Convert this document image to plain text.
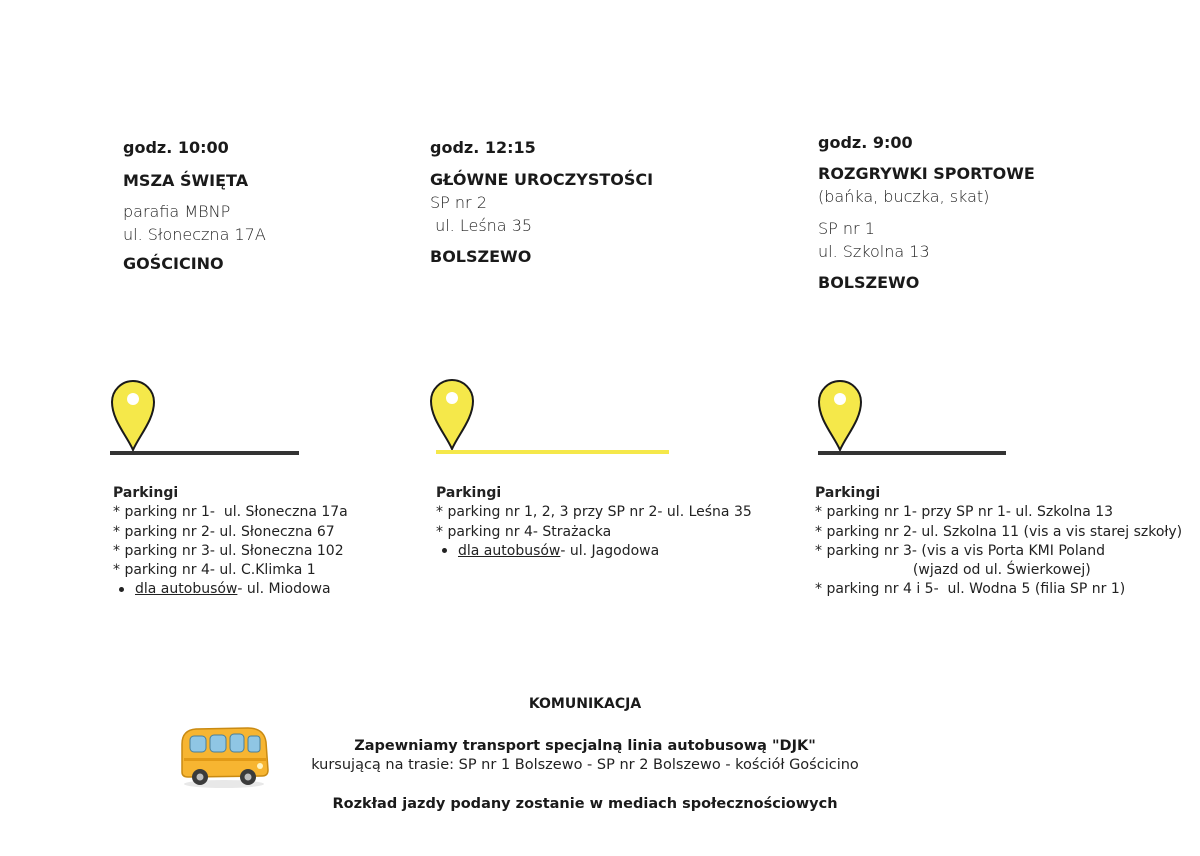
godz. 10:00
MSZA ŚWIĘTA
parafia MBNP
ul. Słoneczna 17A
GOŚCICINO
godz. 12:15
GŁÓWNE UROCZYSTOŚCI
SP nr 2
ul. Leśna 35
BOLSZEWO
godz. 9:00
ROZGRYWKI SPORTOWE
(bańka, buczka, skat)
SP nr 1
ul. Szkolna 13
BOLSZEWO
Parkingi
* parking nr 1-  ul. Słoneczna 17a
* parking nr 2- ul. Słoneczna 67
* parking nr 3- ul. Słoneczna 102
* parking nr 4- ul. C.Klimka 1
dla autobusów- ul. Miodowa
Parkingi
* parking nr 1, 2, 3 przy SP nr 2- ul. Leśna 35
* parking nr 4- Strażacka
dla autobusów- ul. Jagodowa
Parkingi
* parking nr 1- przy SP nr 1- ul. Szkolna 13
* parking nr 2- ul. Szkolna 11 (vis a vis starej szkoły)
* parking nr 3- (vis a vis Porta KMI Poland
(wjazd od ul. Świerkowej)
* parking nr 4 i 5-  ul. Wodna 5 (filia SP nr 1)
KOMUNIKACJA
Zapewniamy transport specjalną linia autobusową "DJK"
kursującą na trasie: SP nr 1 Bolszewo - SP nr 2 Bolszewo - kościół Gościcino
Rozkład jazdy podany zostanie w mediach społecznościowych
